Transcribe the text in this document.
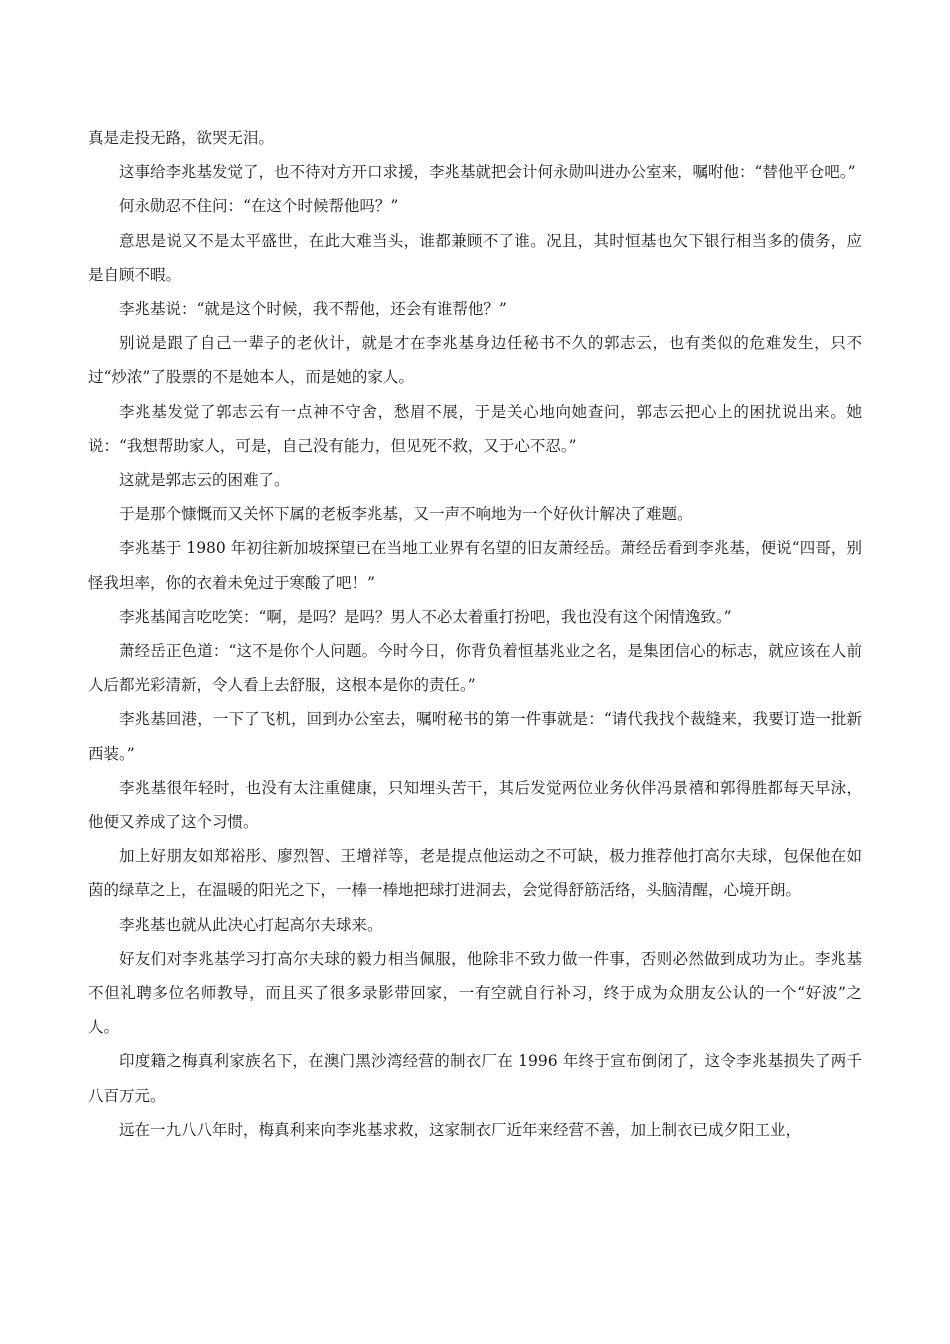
真是走投无路，欲哭无泪。

这事给李兆基发觉了，也不待对方开口求援，李兆基就把会计何永勋叫进办公室来，嘱咐他：“替他平仓吧。”

何永勋忍不住问：“在这个时候帮他吗？”

意思是说又不是太平盛世，在此大难当头，谁都兼顾不了谁。况且，其时恒基也欠下银行相当多的债务，应是自顾不暇。

李兆基说：“就是这个时候，我不帮他，还会有谁帮他？”

别说是跟了自己一辈子的老伙计，就是才在李兆基身边任秘书不久的郭志云，也有类似的危难发生，只不过“炒浓”了股票的不是她本人，而是她的家人。

李兆基发觉了郭志云有一点神不守舍，愁眉不展，于是关心地向她查问，郭志云把心上的困扰说出来。她说：“我想帮助家人，可是，自己没有能力，但见死不救，又于心不忍。”

这就是郭志云的困难了。

于是那个慷慨而又关怀下属的老板李兆基，又一声不响地为一个好伙计解决了难题。

李兆基于 1980 年初往新加坡探望已在当地工业界有名望的旧友萧经岳。萧经岳看到李兆基，便说“四哥，别怪我坦率，你的衣着未免过于寒酸了吧！”

李兆基闻言吃吃笑：“啊，是吗？是吗？男人不必太着重打扮吧，我也没有这个闲情逸致。”

萧经岳正色道：“这不是你个人问题。今时今日，你背负着恒基兆业之名，是集团信心的标志，就应该在人前人后都光彩清新，令人看上去舒服，这根本是你的责任。”

李兆基回港，一下了飞机，回到办公室去，嘱咐秘书的第一件事就是：“请代我找个裁缝来，我要订造一批新西装。”

李兆基很年轻时，也没有太注重健康，只知埋头苦干，其后发觉两位业务伙伴冯景禧和郭得胜都每天早泳，他便又养成了这个习惯。

加上好朋友如郑裕彤、廖烈智、王增祥等，老是提点他运动之不可缺，极力推荐他打高尔夫球，包保他在如茵的绿草之上，在温暖的阳光之下，一棒一棒地把球打进洞去，会觉得舒筋活络，头脑清醒，心境开朗。

李兆基也就从此决心打起高尔夫球来。

好友们对李兆基学习打高尔夫球的毅力相当佩服，他除非不致力做一件事，否则必然做到成功为止。李兆基不但礼聘多位名师教导，而且买了很多录影带回家，一有空就自行补习，终于成为众朋友公认的一个“好波”之人。

印度籍之梅真利家族名下，在澳门黑沙湾经营的制衣厂在 1996 年终于宣布倒闭了，这令李兆基损失了两千八百万元。

远在一九八八年时，梅真利来向李兆基求救，这家制衣厂近年来经营不善，加上制衣已成夕阳工业，
